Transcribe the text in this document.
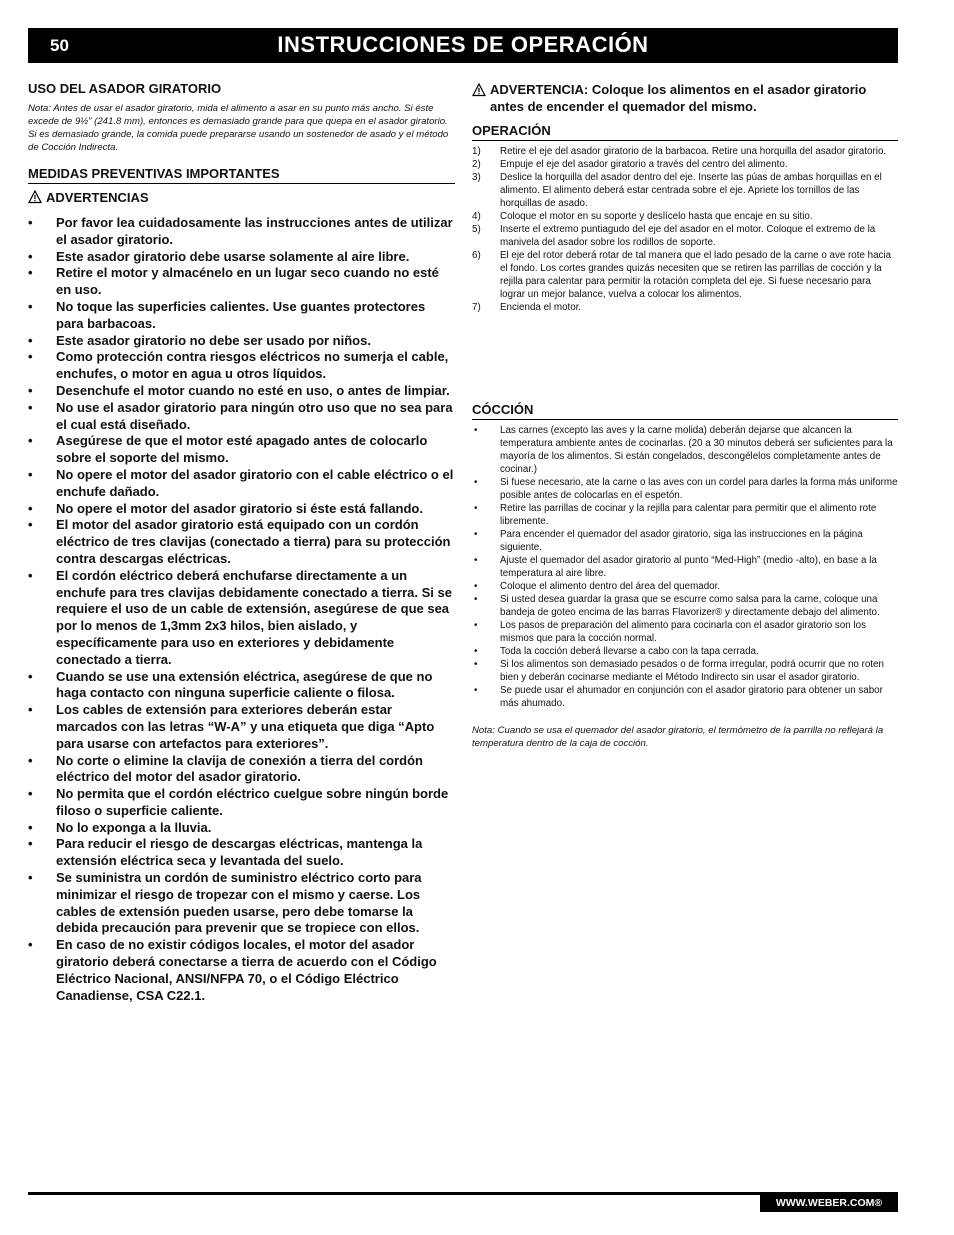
50	INSTRUCCIONES DE OPERACIÓN
USO DEL ASADOR GIRATORIO

Nota: Antes de usar el asador giratorio, mida el alimento a asar en su punto más ancho. Si éste excede de 9½” (241.8 mm), entonces es demasiado grande para que quepa en el asador giratorio. Si es demasiado grande, la comida puede prepararse usando un sostenedor de asado y el método de Cocción Indirecta.

MEDIDAS PREVENTIVAS IMPORTANTES
ADVERTENCIAS
• Por favor lea cuidadosamente las instrucciones antes de utilizar el asador giratorio.
• Este asador giratorio debe usarse solamente al aire libre.
• Retire el motor y almacénelo en un lugar seco cuando no esté en uso.
• No toque las superficies calientes. Use guantes protectores para barbacoas.
• Este asador giratorio no debe ser usado por niños.
• Como protección contra riesgos eléctricos no sumerja el cable, enchufes, o motor en agua u otros líquidos.
• Desenchufe el motor cuando no esté en uso, o antes de limpiar.
• No use el asador giratorio para ningún otro uso que no sea para el cual está diseñado.
• Asegúrese de que el motor esté apagado antes de colocarlo sobre el soporte del mismo.
• No opere el motor del asador giratorio con el cable eléctrico o el enchufe dañado.
• No opere el motor del asador giratorio si éste está fallando.
• El motor del asador giratorio está equipado con un cordón eléctrico de tres clavijas (conectado a tierra) para su protección contra descargas eléctricas.
• El cordón eléctrico deberá enchufarse directamente a un enchufe para tres clavijas debidamente conectado a tierra. Si se requiere el uso de un cable de extensión, asegúrese de que sea por lo menos de 1,3mm 2x3 hilos, bien aislado, y específicamente para uso en exteriores y debidamente conectado a tierra.
• Cuando se use una extensión eléctrica, asegúrese de que no haga contacto con ninguna superficie caliente o filosa.
• Los cables de extensión para exteriores deberán estar marcados con las letras “W-A” y una etiqueta que diga “Apto para usarse con artefactos para exteriores”.
• No corte o elimine la clavija de conexión a tierra del cordón eléctrico del motor del asador giratorio.
• No permita que el cordón eléctrico cuelgue sobre ningún borde filoso o superficie caliente.
• No lo exponga a la lluvia.
• Para reducir el riesgo de descargas eléctricas, mantenga la extensión eléctrica seca y levantada del suelo.
• Se suministra un cordón de suministro eléctrico corto para minimizar el riesgo de tropezar con el mismo y caerse. Los cables de extensión pueden usarse, pero debe tomarse la debida precaución para prevenir que se tropiece con ellos.
• En caso de no existir códigos locales, el motor del asador giratorio deberá conectarse a tierra de acuerdo con el Código Eléctrico Nacional, ANSI/NFPA 70, o el Código Eléctrico Canadiense, CSA C22.1.
ADVERTENCIA: Coloque los alimentos en el asador giratorio antes de encender el quemador del mismo.
OPERACIÓN
1) Retire el eje del asador giratorio de la barbacoa. Retire una horquilla del asador giratorio.
2) Empuje el eje del asador giratorio a través del centro del alimento.
3) Deslice la horquilla del asador dentro del eje. Inserte las púas de ambas horquillas en el alimento. El alimento deberá estar centrada sobre el eje. Apriete los tornillos de las horquillas de asado.
4) Coloque el motor en su soporte y deslícelo hasta que encaje en su sitio.
5) Inserte el extremo puntiagudo del eje del asador en el motor. Coloque el extremo de la manivela del asador sobre los rodillos de soporte.
6) El eje del rotor deberá rotar de tal manera que el lado pesado de la carne o ave rote hacia el fondo. Los cortes grandes quizás necesiten que se retiren las parrillas de cocción y la rejilla para calentar para permitir la rotación completa del eje. Si fuese necesario para lograr un mejor balance, vuelva a colocar los alimentos.
7) Encienda el motor.
CÓCCIÓN
• Las carnes (excepto las aves y la carne molida) deberán dejarse que alcancen la temperatura ambiente antes de cocinarlas. (20 a 30 minutos deberá ser suficientes para la mayoría de los alimentos. Si están congelados, descongélelos completamente antes de cocinar.)
• Si fuese necesario, ate la carne o las aves con un cordel para darles la forma más uniforme posible antes de colocarlas en el espetón.
• Retire las parrillas de cocinar y la rejilla para calentar para permitir que el alimento rote libremente.
• Para encender el quemador del asador giratorio, siga las instrucciones en la página siguiente.
• Ajuste el quemador del asador giratorio al punto “Med-High” (medio -alto), en base a la temperatura al aire libre.
• Coloque el alimento dentro del área del quemador.
• Si usted desea guardar la grasa que se escurre como salsa para la carne, coloque una bandeja de goteo encima de las barras Flavorizer® y directamente debajo del alimento.
• Los pasos de preparación del alimento para cocinarla con el asador giratorio son los mismos que para la cocción normal.
• Toda la cocción deberá llevarse a cabo con la tapa cerrada.
• Si los alimentos son demasiado pesados o de forma irregular, podrá ocurrir que no roten bien y deberán cocinarse mediante el Método Indirecto sin usar el asador giratorio.
• Se puede usar el ahumador en conjunción con el asador giratorio para obtener un sabor más ahumado.

Nota: Cuando se usa el quemador del asador giratorio, el termómetro de la parrilla no reflejará la temperatura dentro de la caja de cocción.

WWW.WEBER.COM®
